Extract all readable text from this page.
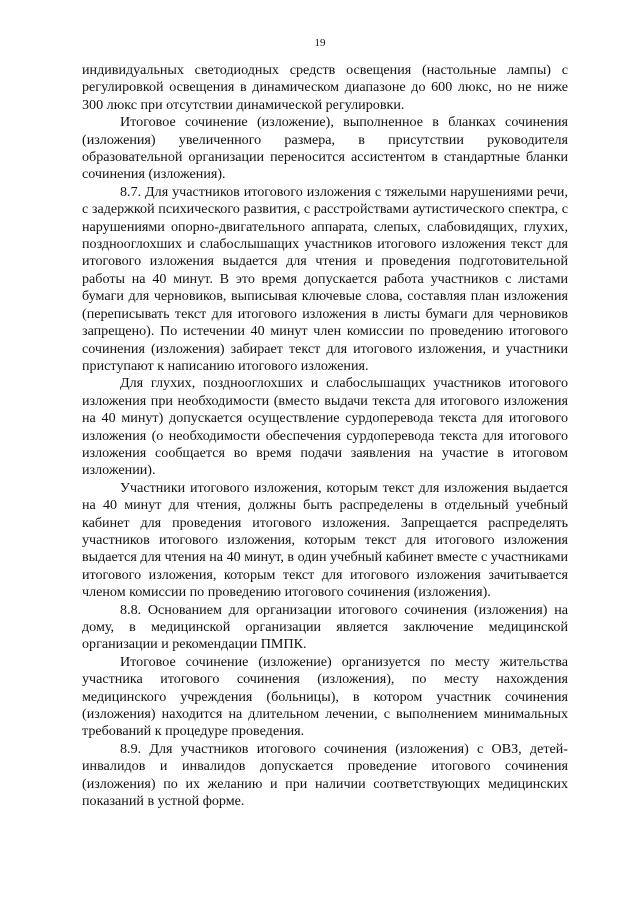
19

индивидуальных светодиодных средств освещения (настольные лампы) с регулировкой освещения в динамическом диапазоне до 600 люкс, но не ниже 300 люкс при отсутствии динамической регулировки.

Итоговое сочинение (изложение), выполненное в бланках сочинения (изложения) увеличенного размера, в присутствии руководителя образовательной организации переносится ассистентом в стандартные бланки сочинения (изложения).

8.7. Для участников итогового изложения с тяжелыми нарушениями речи, с задержкой психического развития, с расстройствами аутистического спектра, с нарушениями опорно-двигательного аппарата, слепых, слабовидящих, глухих, позднооглохших и слабослышащих участников итогового изложения текст для итогового изложения выдается для чтения и проведения подготовительной работы на 40 минут. В это время допускается работа участников с листами бумаги для черновиков, выписывая ключевые слова, составляя план изложения (переписывать текст для итогового изложения в листы бумаги для черновиков запрещено). По истечении 40 минут член комиссии по проведению итогового сочинения (изложения) забирает текст для итогового изложения, и участники приступают к написанию итогового изложения.

Для глухих, позднооглохших и слабослышащих участников итогового изложения при необходимости (вместо выдачи текста для итогового изложения на 40 минут) допускается осуществление сурдоперевода текста для итогового изложения (о необходимости обеспечения сурдоперевода текста для итогового изложения сообщается во время подачи заявления на участие в итоговом изложении).

Участники итогового изложения, которым текст для изложения выдается на 40 минут для чтения, должны быть распределены в отдельный учебный кабинет для проведения итогового изложения. Запрещается распределять участников итогового изложения, которым текст для итогового изложения выдается для чтения на 40 минут, в один учебный кабинет вместе с участниками итогового изложения, которым текст для итогового изложения зачитывается членом комиссии по проведению итогового сочинения (изложения).

8.8. Основанием для организации итогового сочинения (изложения) на дому, в медицинской организации является заключение медицинской организации и рекомендации ПМПК.

Итоговое сочинение (изложение) организуется по месту жительства участника итогового сочинения (изложения), по месту нахождения медицинского учреждения (больницы), в котором участник сочинения (изложения) находится на длительном лечении, с выполнением минимальных требований к процедуре проведения.

8.9. Для участников итогового сочинения (изложения) с ОВЗ, детей-инвалидов и инвалидов допускается проведение итогового сочинения (изложения) по их желанию и при наличии соответствующих медицинских показаний в устной форме.
